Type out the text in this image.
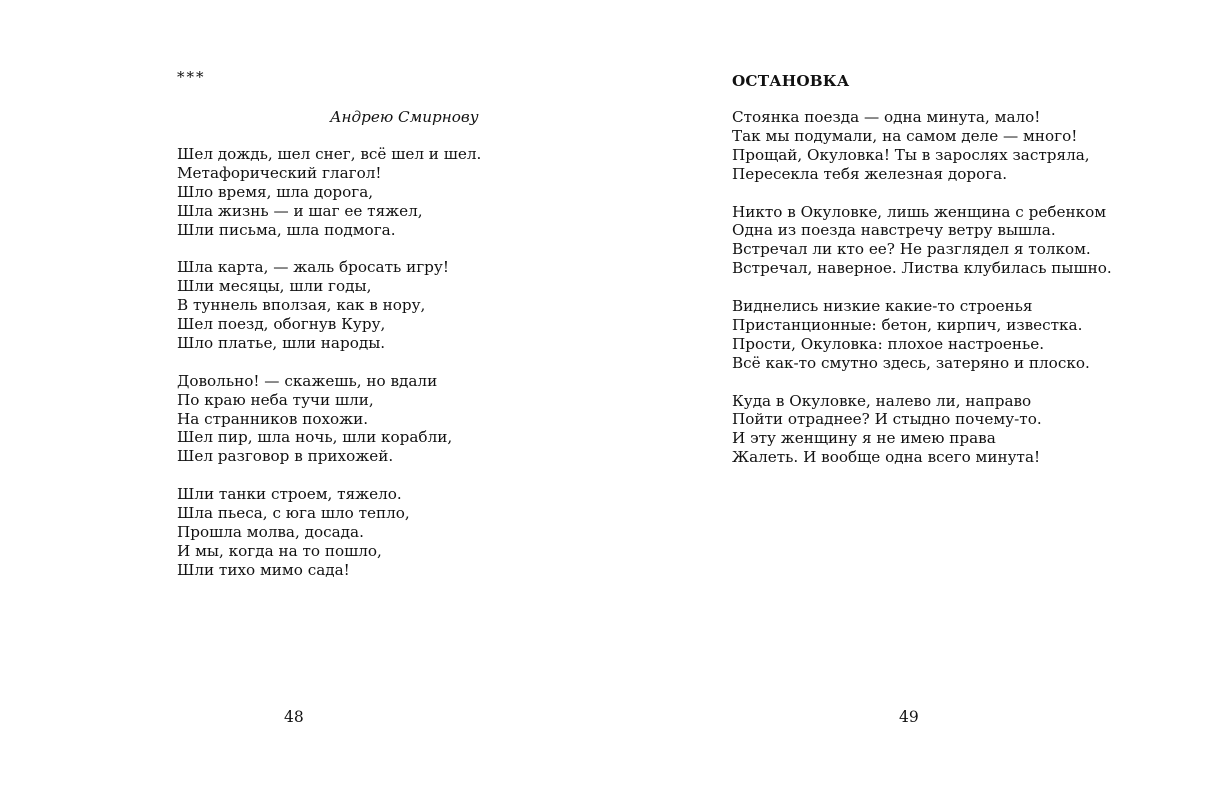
***
Андрею Смирнову
Шел дождь, шел снег, всё шел и шел.
Метафорический глагол!
Шло время, шла дорога,
Шла жизнь — и шаг ее тяжел,
Шли письма, шла подмога.
Шла карта, — жаль бросать игру!
Шли месяцы, шли годы,
В туннель вползая, как в нору,
Шел поезд, обогнув Куру,
Шло платье, шли народы.
Довольно! — скажешь, но вдали
По краю неба тучи шли,
На странников похожи.
Шел пир, шла ночь, шли корабли,
Шел разговор в прихожей.
Шли танки строем, тяжело.
Шла пьеса, с юга шло тепло,
Прошла молва, досада.
И мы, когда на то пошло,
Шли тихо мимо сада!
48
ОСТАНОВКА
Стоянка поезда — одна минута, мало!
Так мы подумали, на самом деле — много!
Прощай, Окуловка! Ты в зарослях застряла,
Пересекла тебя железная дорога.
Никто в Окуловке, лишь женщина с ребенком
Одна из поезда навстречу ветру вышла.
Встречал ли кто ее? Не разглядел я толком.
Встречал, наверное. Листва клубилась пышно.
Виднелись низкие какие-то строенья
Пристанционные: бетон, кирпич, известка.
Прости, Окуловка: плохое настроенье.
Всё как-то смутно здесь, затеряно и плоско.
Куда в Окуловке, налево ли, направо
Пойти отраднее? И стыдно почему-то.
И эту женщину я не имею права
Жалеть. И вообще одна всего минута!
49
